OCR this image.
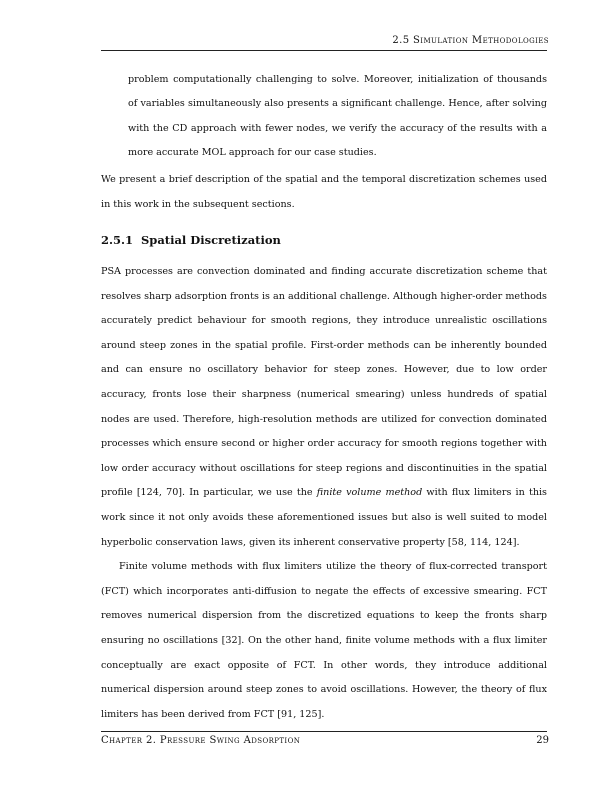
2.5 Simulation Methodologies

problem computationally challenging to solve. Moreover, initialization of thousands of variables simultaneously also presents a significant challenge. Hence, after solving with the CD approach with fewer nodes, we verify the accuracy of the results with a more accurate MOL approach for our case studies.

We present a brief description of the spatial and the temporal discretization schemes used in this work in the subsequent sections.

2.5.1 Spatial Discretization

PSA processes are convection dominated and finding accurate discretization scheme that resolves sharp adsorption fronts is an additional challenge. Although higher-order methods accurately predict behaviour for smooth regions, they introduce unrealistic oscillations around steep zones in the spatial profile. First-order methods can be inherently bounded and can ensure no oscillatory behavior for steep zones. However, due to low order accuracy, fronts lose their sharpness (numerical smearing) unless hundreds of spatial nodes are used. Therefore, high-resolution methods are utilized for convection dominated processes which ensure second or higher order accuracy for smooth regions together with low order accuracy without oscillations for steep regions and discontinuities in the spatial profile [124, 70]. In particular, we use the finite volume method with flux limiters in this work since it not only avoids these aforementioned issues but also is well suited to model hyperbolic conservation laws, given its inherent conservative property [58, 114, 124].

Finite volume methods with flux limiters utilize the theory of flux-corrected transport (FCT) which incorporates anti-diffusion to negate the effects of excessive smearing. FCT removes numerical dispersion from the discretized equations to keep the fronts sharp ensuring no oscillations [32]. On the other hand, finite volume methods with a flux limiter conceptually are exact opposite of FCT. In other words, they introduce additional numerical dispersion around steep zones to avoid oscillations. However, the theory of flux limiters has been derived from FCT [91, 125].

Chapter 2. Pressure Swing Adsorption	29
